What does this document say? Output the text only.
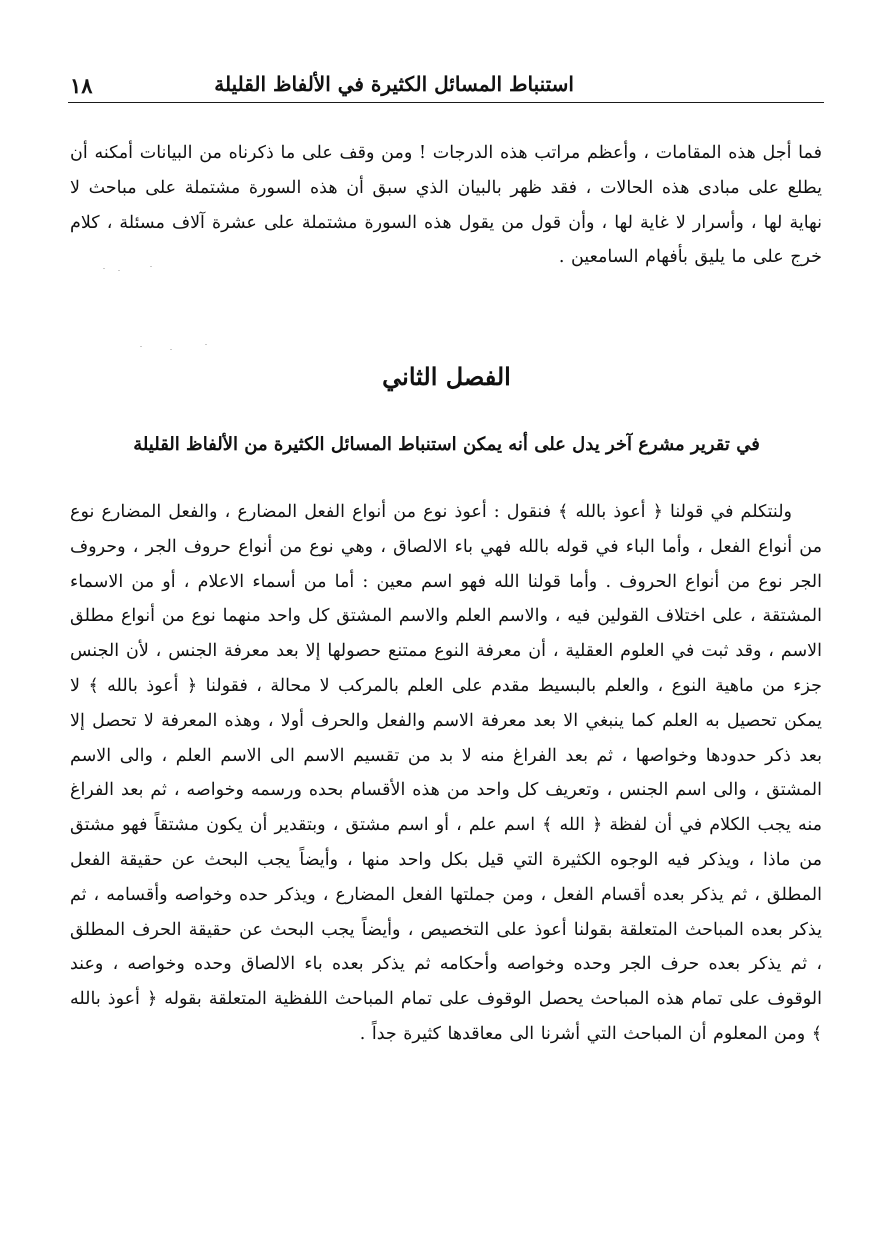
استنباط المسائل الكثيرة في الألفاظ القليلة
١٨

فما أجل هذه المقامات ، وأعظم مراتب هذه الدرجات ! ومن وقف على ما ذكرناه من البيانات أمكنه أن يطلع على مبادى هذه الحالات ، فقد ظهر بالبيان الذي سبق أن هذه السورة مشتملة على مباحث لا نهاية لها ، وأسرار لا غاية لها ، وأن قول من يقول هذه السورة مشتملة على عشرة آلاف مسئلة ، كلام خرج على ما يليق بأفهام السامعين .

الفصل الثاني
في تقرير مشرع آخر يدل على أنه يمكن استنباط المسائل الكثيرة من الألفاظ القليلة

ولنتكلم في قولنا ﴿ أعوذ بالله ﴾ فنقول : أعوذ نوع من أنواع الفعل المضارع ، والفعل المضارع نوع من أنواع الفعل ، وأما الباء في قوله بالله فهي باء الالصاق ، وهي نوع من أنواع حروف الجر ، وحروف الجر نوع من أنواع الحروف . وأما قولنا الله فهو اسم معين : أما من أسماء الاعلام ، أو من الاسماء المشتقة ، على اختلاف القولين فيه ، والاسم العلم والاسم المشتق كل واحد منهما نوع من أنواع مطلق الاسم ، وقد ثبت في العلوم العقلية ، أن معرفة النوع ممتنع حصولها إلا بعد معرفة الجنس ، لأن الجنس جزء من ماهية النوع ، والعلم بالبسيط مقدم على العلم بالمركب لا محالة ، فقولنا ﴿ أعوذ بالله ﴾ لا يمكن تحصيل به العلم كما ينبغي الا بعد معرفة الاسم والفعل والحرف أولا ، وهذه المعرفة لا تحصل إلا بعد ذكر حدودها وخواصها ، ثم بعد الفراغ منه لا بد من تقسيم الاسم الى الاسم العلم ، والى الاسم المشتق ، والى اسم الجنس ، وتعريف كل واحد من هذه الأقسام بحده ورسمه وخواصه ، ثم بعد الفراغ منه يجب الكلام في أن لفظة ﴿ الله ﴾ اسم علم ، أو اسم مشتق ، وبتقدير أن يكون مشتقاً فهو مشتق من ماذا ، ويذكر فيه الوجوه الكثيرة التي قيل بكل واحد منها ، وأيضاً يجب البحث عن حقيقة الفعل المطلق ، ثم يذكر بعده أقسام الفعل ، ومن جملتها الفعل المضارع ، ويذكر حده وخواصه وأقسامه ، ثم يذكر بعده المباحث المتعلقة بقولنا أعوذ على التخصيص ، وأيضاً يجب البحث عن حقيقة الحرف المطلق ، ثم يذكر بعده حرف الجر وحده وخواصه وأحكامه ثم يذكر بعده باء الالصاق وحده وخواصه ، وعند الوقوف على تمام هذه المباحث يحصل الوقوف على تمام المباحث اللفظية المتعلقة بقوله ﴿ أعوذ بالله ﴾ ومن المعلوم أن المباحث التي أشرنا الى معاقدها كثيرة جداً .
